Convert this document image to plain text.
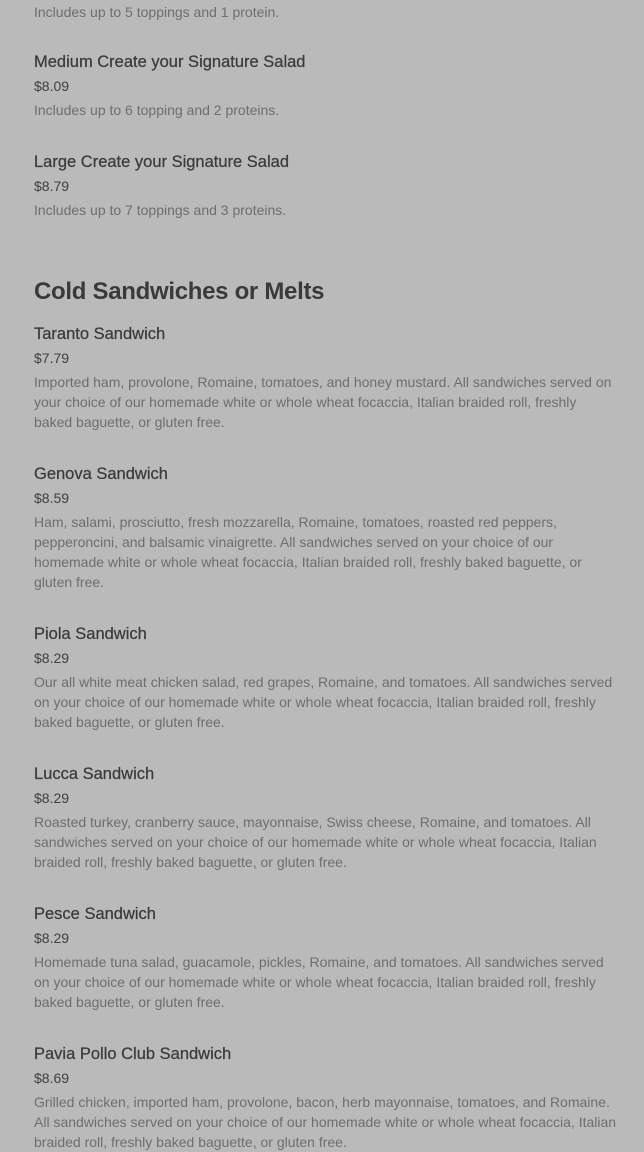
Includes up to 5 toppings and 1 protein.
Medium Create your Signature Salad
$8.09
Includes up to 6 topping and 2 proteins.
Large Create your Signature Salad
$8.79
Includes up to 7 toppings and 3 proteins.
Cold Sandwiches or Melts
Taranto Sandwich
$7.79
Imported ham, provolone, Romaine, tomatoes, and honey mustard. All sandwiches served on your choice of our homemade white or whole wheat focaccia, Italian braided roll, freshly baked baguette, or gluten free.
Genova Sandwich
$8.59
Ham, salami, prosciutto, fresh mozzarella, Romaine, tomatoes, roasted red peppers, pepperoncini, and balsamic vinaigrette. All sandwiches served on your choice of our homemade white or whole wheat focaccia, Italian braided roll, freshly baked baguette, or gluten free.
Piola Sandwich
$8.29
Our all white meat chicken salad, red grapes, Romaine, and tomatoes. All sandwiches served on your choice of our homemade white or whole wheat focaccia, Italian braided roll, freshly baked baguette, or gluten free.
Lucca Sandwich
$8.29
Roasted turkey, cranberry sauce, mayonnaise, Swiss cheese, Romaine, and tomatoes. All sandwiches served on your choice of our homemade white or whole wheat focaccia, Italian braided roll, freshly baked baguette, or gluten free.
Pesce Sandwich
$8.29
Homemade tuna salad, guacamole, pickles, Romaine, and tomatoes. All sandwiches served on your choice of our homemade white or whole wheat focaccia, Italian braided roll, freshly baked baguette, or gluten free.
Pavia Pollo Club Sandwich
$8.69
Grilled chicken, imported ham, provolone, bacon, herb mayonnaise, tomatoes, and Romaine. All sandwiches served on your choice of our homemade white or whole wheat focaccia, Italian braided roll, freshly baked baguette, or gluten free.
